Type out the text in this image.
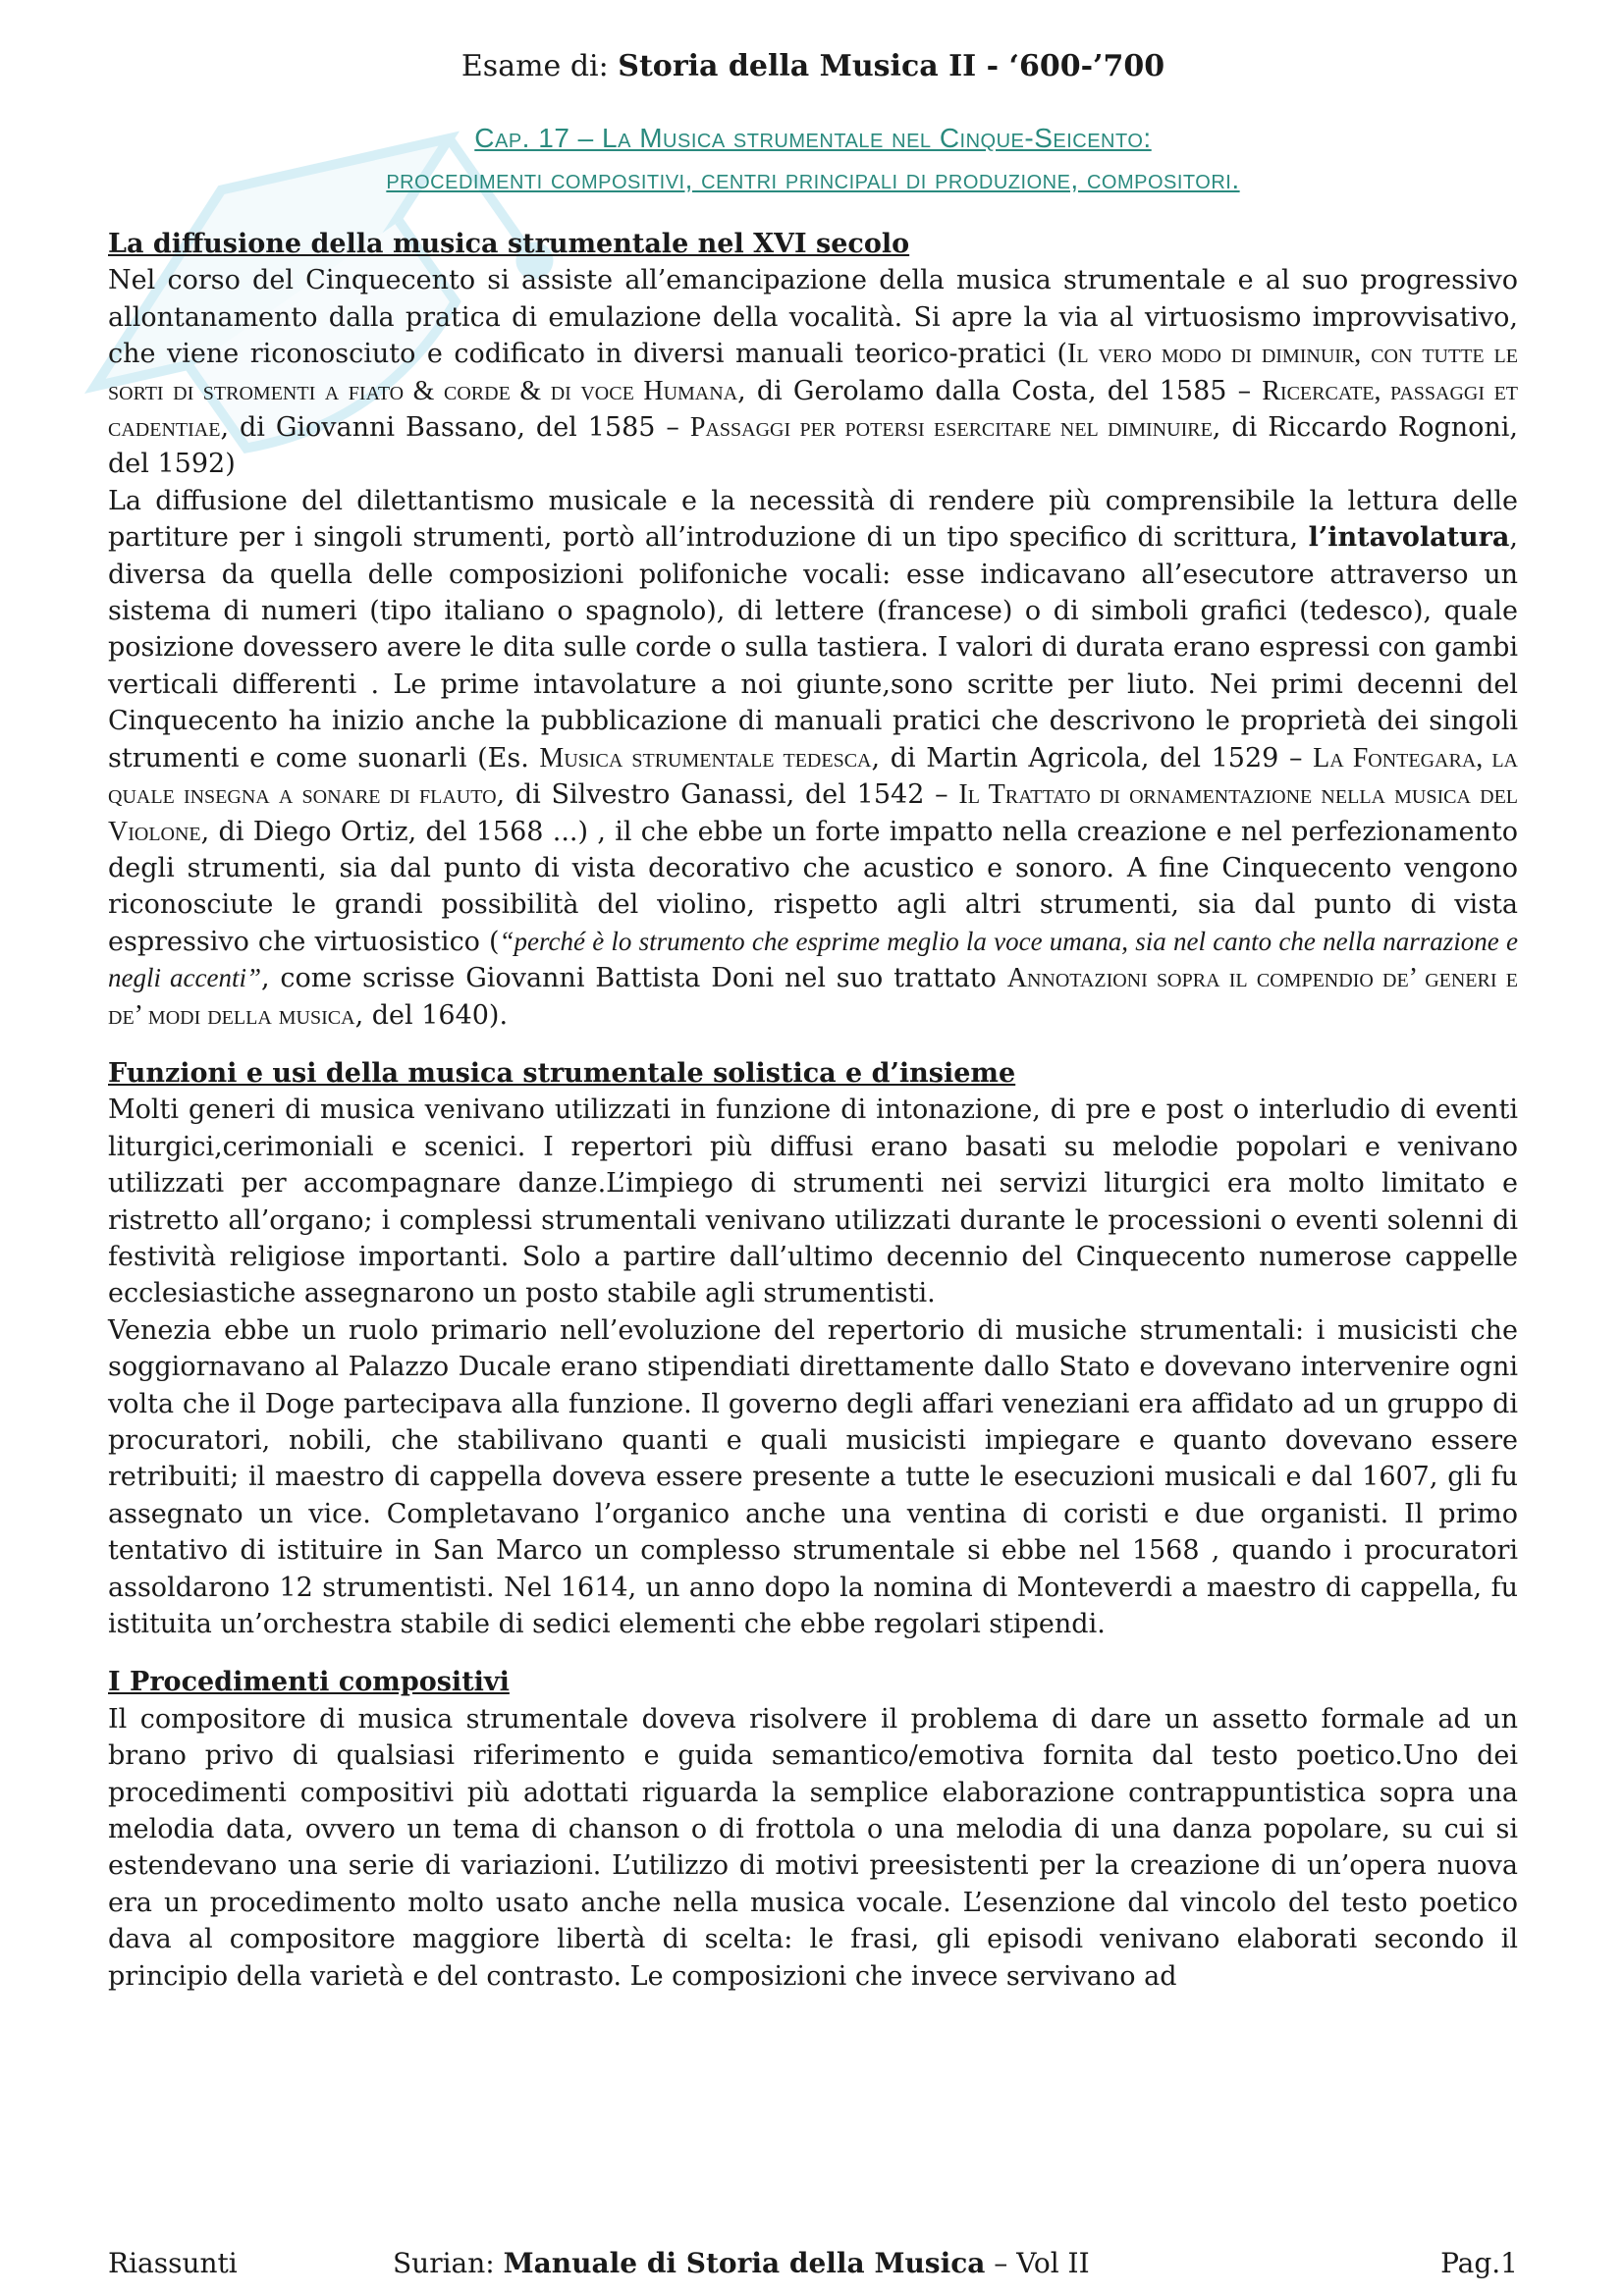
Esame di: Storia della Musica II - ‘600-’700
Cap. 17 – La Musica strumentale nel Cinque-Seicento:
procedimenti compositivi, centri principali di produzione, compositori.
La diffusione della musica strumentale nel XVI secolo

Nel corso del Cinquecento si assiste all’emancipazione della musica strumentale e al suo progressivo allontanamento dalla pratica di emulazione della vocalità. Si apre la via al virtuosismo improvvisativo, che viene riconosciuto e codificato in diversi manuali teorico-pratici (Il vero modo di diminuir, con tutte le sorti di stromenti a fiato & corde & di voce Humana, di Gerolamo dalla Costa, del 1585 – Ricercate, passaggi et cadentiae, di Giovanni Bassano, del 1585 – Passaggi per potersi esercitare nel diminuire, di Riccardo Rognoni, del 1592)

La diffusione del dilettantismo musicale e la necessità di rendere più comprensibile la lettura delle partiture per i singoli strumenti, portò all’introduzione di un tipo specifico di scrittura, l’intavolatura, diversa da quella delle composizioni polifoniche vocali: esse indicavano all’esecutore attraverso un sistema di numeri (tipo italiano o spagnolo), di lettere (francese) o di simboli grafici (tedesco), quale posizione dovessero avere le dita sulle corde o sulla tastiera. I valori di durata erano espressi con gambi verticali differenti . Le prime intavolature a noi giunte,sono scritte per liuto. Nei primi decenni del Cinquecento ha inizio anche la pubblicazione di manuali pratici che descrivono le proprietà dei singoli strumenti e come suonarli (Es. Musica strumentale tedesca, di Martin Agricola, del 1529 – La Fontegara, la quale insegna a sonare di flauto, di Silvestro Ganassi, del 1542 – Il Trattato di ornamentazione nella musica del Violone, di Diego Ortiz, del 1568 ...) , il che ebbe un forte impatto nella creazione e nel perfezionamento degli strumenti, sia dal punto di vista decorativo che acustico e sonoro. A fine Cinquecento vengono riconosciute le grandi possibilità del violino, rispetto agli altri strumenti, sia dal punto di vista espressivo che virtuosistico (“perché è lo strumento che esprime meglio la voce umana, sia nel canto che nella narrazione e negli accenti”, come scrisse Giovanni Battista Doni nel suo trattato Annotazioni sopra il compendio de’ generi e de’ modi della musica, del 1640).

Funzioni e usi della musica strumentale solistica e d’insieme

Molti generi di musica venivano utilizzati in funzione di intonazione, di pre e post o interludio di eventi liturgici,cerimoniali e scenici. I repertori più diffusi erano basati su melodie popolari e venivano utilizzati per accompagnare danze.L’impiego di strumenti nei servizi liturgici era molto limitato e ristretto all’organo; i complessi strumentali venivano utilizzati durante le processioni o eventi solenni di festività religiose importanti. Solo a partire dall’ultimo decennio del Cinquecento numerose cappelle ecclesiastiche assegnarono un posto stabile agli strumentisti.

Venezia ebbe un ruolo primario nell’evoluzione del repertorio di musiche strumentali: i musicisti che soggiornavano al Palazzo Ducale erano stipendiati direttamente dallo Stato e dovevano intervenire ogni volta che il Doge partecipava alla funzione. Il governo degli affari veneziani era affidato ad un gruppo di procuratori, nobili, che stabilivano quanti e quali musicisti impiegare e quanto dovevano essere retribuiti; il maestro di cappella doveva essere presente a tutte le esecuzioni musicali e dal 1607, gli fu assegnato un vice. Completavano l’organico anche una ventina di coristi e due organisti. Il primo tentativo di istituire in San Marco un complesso strumentale si ebbe nel 1568 , quando i procuratori assoldarono 12 strumentisti. Nel 1614, un anno dopo la nomina di Monteverdi a maestro di cappella, fu istituita un’orchestra stabile di sedici elementi che ebbe regolari stipendi.

I Procedimenti compositivi

Il compositore di musica strumentale doveva risolvere il problema di dare un assetto formale ad un brano privo di qualsiasi riferimento e guida semantico/emotiva fornita dal testo poetico.Uno dei procedimenti compositivi più adottati riguarda la semplice elaborazione contrappuntistica sopra una melodia data, ovvero un tema di chanson o di frottola o una melodia di una danza popolare, su cui si estendevano una serie di variazioni. L’utilizzo di motivi preesistenti per la creazione di un’opera nuova era un procedimento molto usato anche nella musica vocale. L’esenzione dal vincolo del testo poetico dava al compositore maggiore libertà di scelta: le frasi, gli episodi venivano elaborati secondo il principio della varietà e del contrasto. Le composizioni che invece servivano ad

Riassunti	Surian: Manuale di Storia della Musica – Vol II	Pag.1
